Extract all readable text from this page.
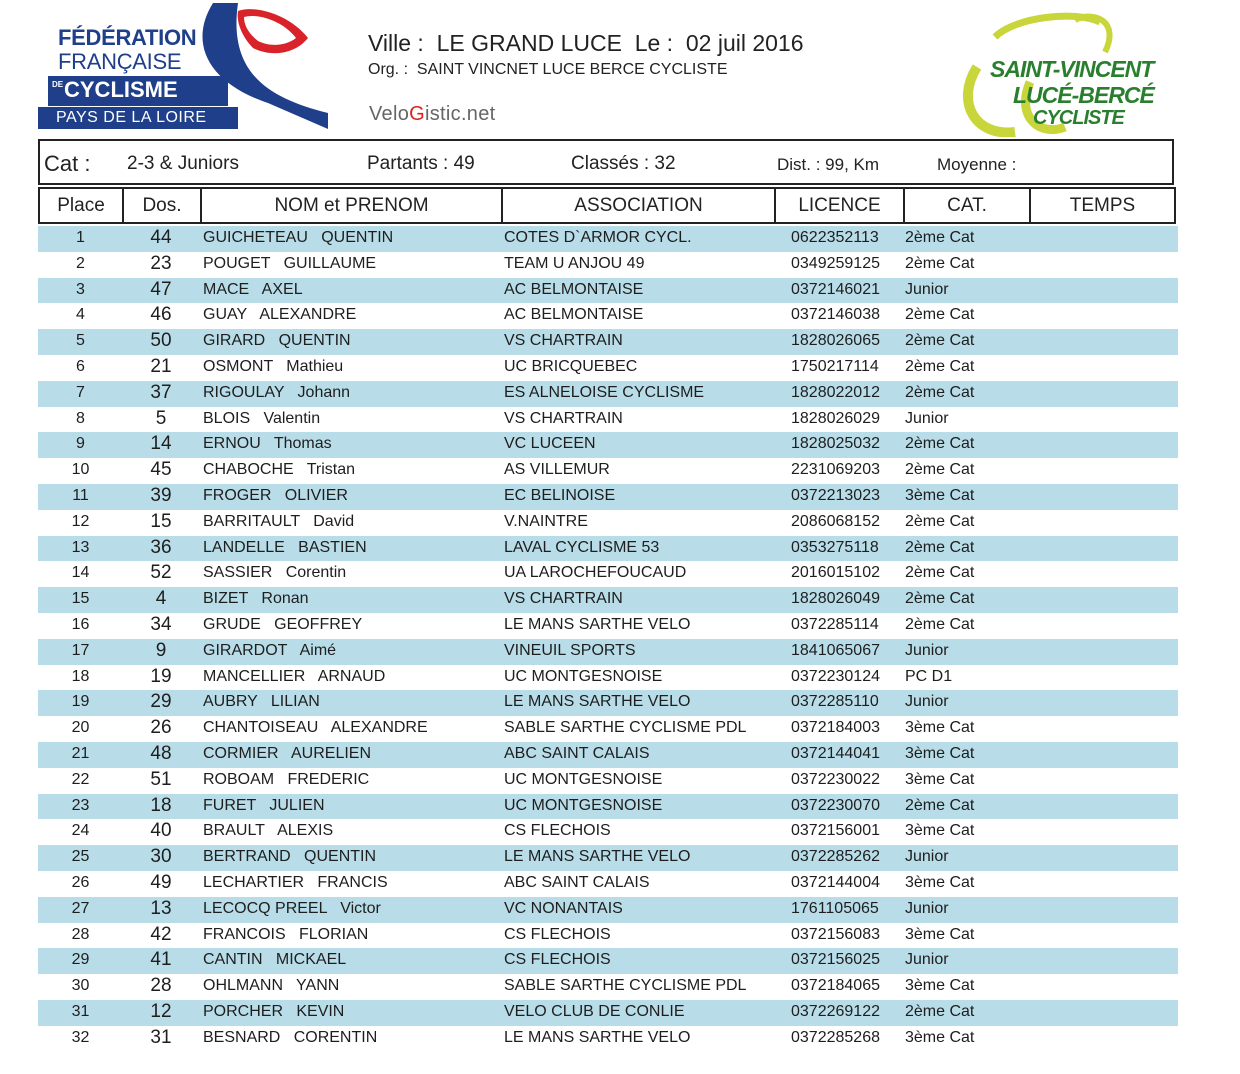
FÉDÉRATION
FRANÇAISE
DE CYCLISME
PAYS DE LA LOIRE
Ville :  LE GRAND LUCE  Le :  02 juil 2016
Org. :  SAINT VINCNET LUCE BERCE CYCLISTE
VeloGistic.net
SAINT-VINCENT
LUCÉ-BERCÉ
CYCLISTE
Cat : 2-3 & Juniors	Partants : 49	Classés : 32	Dist. : 99, Km	Moyenne :
Place	Dos.	NOM et PRENOM	ASSOCIATION	LICENCE	CAT.	TEMPS
1	44	GUICHETEAU   QUENTIN	COTES D`ARMOR CYCL.	0622352113 2ème Cat
2	23	POUGET   GUILLAUME	TEAM U ANJOU 49	0349259125 2ème Cat
3	47	MACE   AXEL	AC BELMONTAISE	0372146021 Junior
4	46	GUAY   ALEXANDRE	AC BELMONTAISE	0372146038 2ème Cat
5	50	GIRARD   QUENTIN	VS CHARTRAIN	1828026065 2ème Cat
6	21	OSMONT   Mathieu	UC BRICQUEBEC	1750217114 2ème Cat
7	37	RIGOULAY   Johann	ES ALNELOISE CYCLISME	1828022012 2ème Cat
8	5	BLOIS   Valentin	VS CHARTRAIN	1828026029 Junior
9	14	ERNOU   Thomas	VC LUCEEN	1828025032 2ème Cat
10	45	CHABOCHE   Tristan	AS VILLEMUR	2231069203 2ème Cat
11	39	FROGER   OLIVIER	EC BELINOISE	0372213023 3ème Cat
12	15	BARRITAULT   David	V.NAINTRE	2086068152 2ème Cat
13	36	LANDELLE   BASTIEN	LAVAL CYCLISME 53	0353275118 2ème Cat
14	52	SASSIER   Corentin	UA LAROCHEFOUCAUD	2016015102 2ème Cat
15	4	BIZET   Ronan	VS CHARTRAIN	1828026049 2ème Cat
16	34	GRUDE   GEOFFREY	LE MANS SARTHE VELO	0372285114 2ème Cat
17	9	GIRARDOT   Aimé	VINEUIL SPORTS	1841065067 Junior
18	19	MANCELLIER   ARNAUD	UC MONTGESNOISE	0372230124 PC D1
19	29	AUBRY   LILIAN	LE MANS SARTHE VELO	0372285110 Junior
20	26	CHANTOISEAU   ALEXANDRE	SABLE SARTHE CYCLISME PDL	0372184003 3ème Cat
21	48	CORMIER   AURELIEN	ABC SAINT CALAIS	0372144041 3ème Cat
22	51	ROBOAM   FREDERIC	UC MONTGESNOISE	0372230022 3ème Cat
23	18	FURET   JULIEN	UC MONTGESNOISE	0372230070 2ème Cat
24	40	BRAULT   ALEXIS	CS FLECHOIS	0372156001 3ème Cat
25	30	BERTRAND   QUENTIN	LE MANS SARTHE VELO	0372285262 Junior
26	49	LECHARTIER   FRANCIS	ABC SAINT CALAIS	0372144004 3ème Cat
27	13	LECOCQ PREEL   Victor	VC NONANTAIS	1761105065 Junior
28	42	FRANCOIS   FLORIAN	CS FLECHOIS	0372156083 3ème Cat
29	41	CANTIN   MICKAEL	CS FLECHOIS	0372156025 Junior
30	28	OHLMANN   YANN	SABLE SARTHE CYCLISME PDL	0372184065 3ème Cat
31	12	PORCHER   KEVIN	VELO CLUB DE CONLIE	0372269122 2ème Cat
32	31	BESNARD   CORENTIN	LE MANS SARTHE VELO	0372285268 3ème Cat
